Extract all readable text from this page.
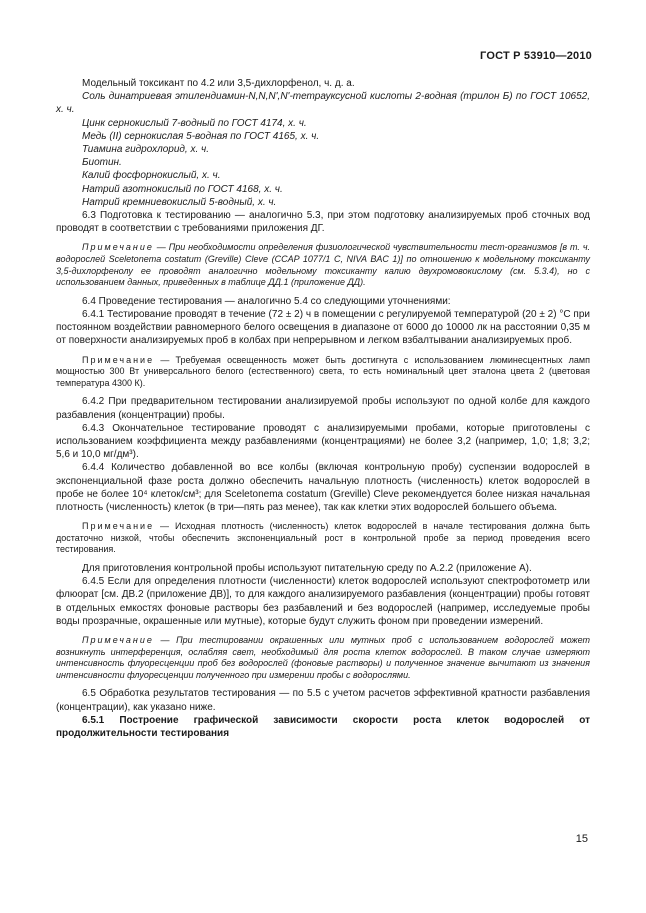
ГОСТ Р 53910—2010

Модельный токсикант по 4.2 или 3,5-дихлорфенол, ч. д. а.

Соль динатриевая этилендиамин-N,N,N',N'-тетрауксусной кислоты 2-водная (трилон Б) по ГОСТ 10652, х. ч.

Цинк сернокислый 7-водный по ГОСТ 4174, х. ч.

Медь (II) сернокислая 5-водная по ГОСТ 4165, х. ч.

Тиамина гидрохлорид, х. ч.

Биотин.

Калий фосфорнокислый, х. ч.

Натрий азотнокислый по ГОСТ 4168, х. ч.

Натрий кремниевокислый 5-водный, х. ч.

6.3 Подготовка к тестированию — аналогично 5.3, при этом подготовку анализируемых проб сточных вод проводят в соответствии с требованиями приложения ДГ.

Примечание — При необходимости определения физиологической чувствительности тест-организмов [в т. ч. водорослей Sceletonema costatum (Greville) Cleve (CCAP 1077/1 C, NIVA BAC 1)] по отношению к модельному токсиканту 3,5-дихлорфенолу ее проводят аналогично модельному токсиканту калию двухромовокислому (см. 5.3.4), но с использованием данных, приведенных в таблице ДД.1 (приложение ДД).

6.4 Проведение тестирования — аналогично 5.4 со следующими уточнениями:

6.4.1 Тестирование проводят в течение (72 ± 2) ч в помещении с регулируемой температурой (20 ± 2) °С при постоянном воздействии равномерного белого освещения в диапазоне от 6000 до 10000 лк на расстоянии 0,35 м от поверхности анализируемых проб в колбах при непрерывном и легком взбалтывании анализируемых проб.

Примечание — Требуемая освещенность может быть достигнута с использованием люминесцентных ламп мощностью 300 Вт универсального белого (естественного) света, то есть номинальный цвет эталона цвета 2 (цветовая температура 4300 К).

6.4.2 При предварительном тестировании анализируемой пробы используют по одной колбе для каждого разбавления (концентрации) пробы.

6.4.3 Окончательное тестирование проводят с анализируемыми пробами, которые приготовлены с использованием коэффициента между разбавлениями (концентрациями) не более 3,2 (например, 1,0; 1,8; 3,2; 5,6 и 10,0 мг/дм³).

6.4.4 Количество добавленной во все колбы (включая контрольную пробу) суспензии водорослей в экспоненциальной фазе роста должно обеспечить начальную плотность (численность) клеток водорослей в пробе не более 10⁴ клеток/см³; для Sceletonema costatum (Greville) Cleve рекомендуется более низкая начальная плотность (численность) клеток (в три—пять раз менее), так как клетки этих водорослей большего объема.

Примечание — Исходная плотность (численность) клеток водорослей в начале тестирования должна быть достаточно низкой, чтобы обеспечить экспоненциальный рост в контрольной пробе за период проведения всего тестирования.

Для приготовления контрольной пробы используют питательную среду по А.2.2 (приложение А).

6.4.5 Если для определения плотности (численности) клеток водорослей используют спектрофотометр или флюорат [см. ДВ.2 (приложение ДВ)], то для каждого анализируемого разбавления (концентрации) пробы готовят в отдельных емкостях фоновые растворы без разбавлений и без водорослей (например, исследуемые пробы воды прозрачные, окрашенные или мутные), которые будут служить фоном при проведении измерений.

Примечание — При тестировании окрашенных или мутных проб с использованием водорослей может возникнуть интерференция, ослабляя свет, необходимый для роста клеток водорослей. В таком случае измеряют интенсивность флуоресценции проб без водорослей (фоновые растворы) и полученное значение вычитают из значения интенсивности флуоресценции полученного при измерении пробы с водорослями.

6.5 Обработка результатов тестирования — по 5.5 с учетом расчетов эффективной кратности разбавления (концентрации), как указано ниже.

6.5.1 Построение графической зависимости скорости роста клеток водорослей от продолжительности тестирования

15
